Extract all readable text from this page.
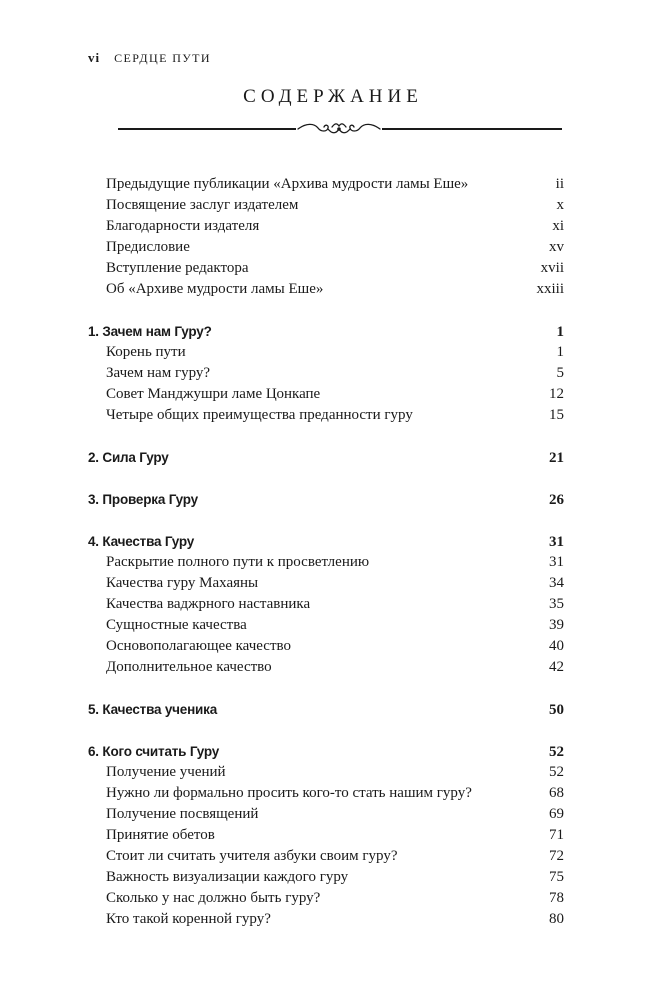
vi СЕРДЦЕ ПУТИ
СОДЕРЖАНИЕ
Предыдущие публикации «Архива мудрости ламы Еше»	ii
Посвящение заслуг издателем	x
Благодарности издателя	xi
Предисловие	xv
Вступление редактора	xvii
Об «Архиве мудрости ламы Еше»	xxiii
1. Зачем нам Гуру?	1
Корень пути	1
Зачем нам гуру?	5
Совет Манджушри ламе Цонкапе	12
Четыре общих преимущества преданности гуру	15
2. Сила Гуру	21
3. Проверка Гуру	26
4. Качества Гуру	31
Раскрытие полного пути к просветлению	31
Качества гуру Махаяны	34
Качества ваджрного наставника	35
Сущностные качества	39
Основополагающее качество	40
Дополнительное качество	42
5. Качества ученика	50
6. Кого считать Гуру	52
Получение учений	52
Нужно ли формально просить кого-то стать нашим гуру?	68
Получение посвящений	69
Принятие обетов	71
Стоит ли считать учителя азбуки своим гуру?	72
Важность визуализации каждого гуру	75
Сколько у нас должно быть гуру?	78
Кто такой коренной гуру?	80
